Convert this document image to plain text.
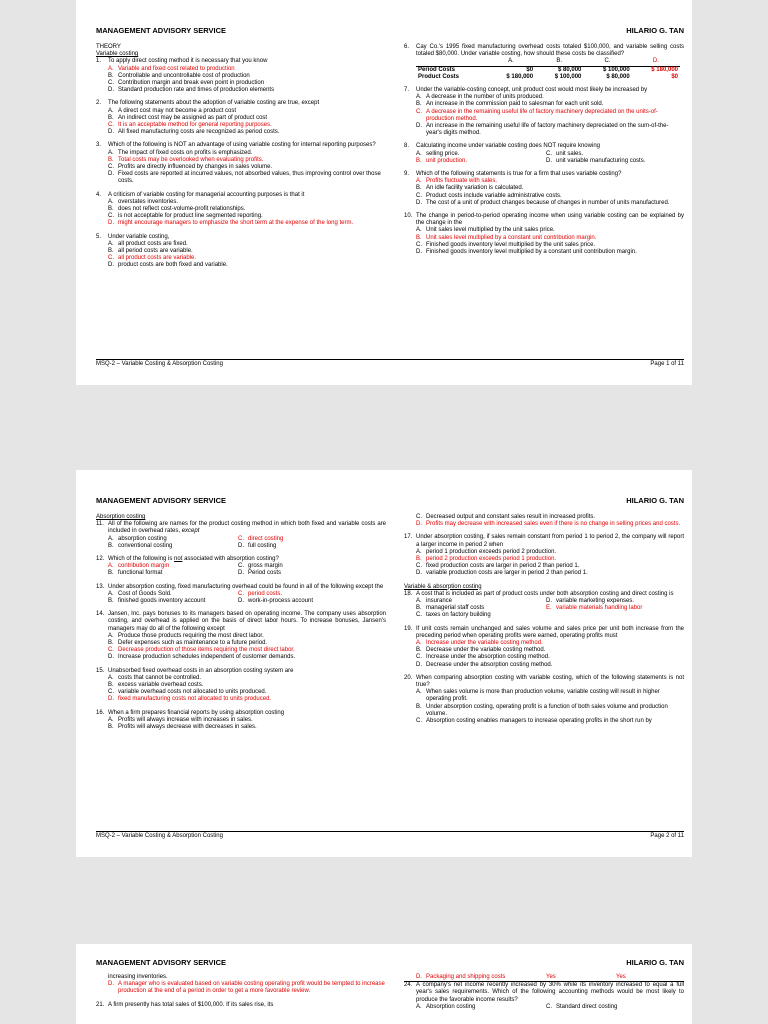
MANAGEMENT ADVISORY SERVICE	HILARIO G. TAN
THEORY
Variable costing
1.	To apply direct costing method it is necessary that you know
A. Variable and fixed cost related to production
B. Controllable and uncontrollable cost of production
C. Contribution margin and break even point in production
D. Standard production rate and times of production elements
2.	The following statements about the adoption of variable costing are true, except
A. A direct cost may not become a product cost
B. An indirect cost may be assigned as part of product cost
C. It is an acceptable method for general reporting purposes.
D. All fixed manufacturing costs are recognized as period costs.
3.	Which of the following is NOT an advantage of using variable costing for internal reporting purposes?
A. The impact of fixed costs on profits is emphasized.
B. Total costs may be overlooked when evaluating profits.
C. Profits are directly influenced by changes in sales volume.
D. Fixed costs are reported at incurred values, not absorbed values, thus improving control over those costs.
4.	A criticism of variable costing for managerial accounting purposes is that it
A. overstates inventories.
B. does not reflect cost-volume-profit relationships.
C. is not acceptable for product line segmented reporting.
D. might encourage managers to emphasize the short term at the expense of the long term.
5.	Under variable costing,
A. all product costs are fixed.
B. all period costs are variable.
C. all product costs are variable.
D. product costs are both fixed and variable.
6.	Cay Co.'s 1995 fixed manufacturing overhead costs totaled $100,000, and variable selling costs totaled $80,000. Under variable costing, how should these costs be classified?
	A.	B.	C.	D.
Period Costs	$0	$ 80,000	$ 100,000	$ 180,000
Product Costs	$ 180,000	$ 100,000	$ 80,000	$0
7.	Under the variable-costing concept, unit product cost would most likely be increased by
A. A decrease in the number of units produced.
B. An increase in the commission paid to salesman for each unit sold.
C. A decrease in the remaining useful life of factory machinery depreciated on the units-of-production method.
D. An increase in the remaining useful life of factory machinery depreciated on the sum-of-the-year's digits method.
8.	Calculating income under variable costing does NOT require knowing
A. selling price.	C. unit sales.
B. unit production.	D. unit variable manufacturing costs.
9.	Which of the following statements is true for a firm that uses variable costing?
A. Profits fluctuate with sales.
B. An idle facility variation is calculated.
C. Product costs include variable administrative costs.
D. The cost of a unit of product changes because of changes in number of units manufactured.
10. The change in period-to-period operating income when using variable costing can be explained by the change in the
A. Unit sales level multiplied by the unit sales price.
B. Unit sales level multiplied by a constant unit contribution margin.
C. Finished goods inventory level multiplied by the unit sales price.
D. Finished goods inventory level multiplied by a constant unit contribution margin.
MSQ-2 – Variable Costing & Absorption Costing	Page 1 of 11
MANAGEMENT ADVISORY SERVICE	HILARIO G. TAN
Absorption costing
11. All of the following are names for the product costing method in which both fixed and variable costs are included in overhead rates, except
A. absorption costing	C. direct costing
B. conventional costing	D. full costing
12. Which of the following is not associated with absorption costing?
A. contribution margin	C. gross margin
B. functional format	D. Period costs
13. Under absorption costing, fixed manufacturing overhead could be found in all of the following except the
A. Cost of Goods Sold.	C. period costs.
B. finished goods inventory account	D. work-in-process account
14. Jansen, Inc. pays bonuses to its managers based on operating income. The company uses absorption costing, and overhead is applied on the basis of direct labor hours. To increase bonuses, Jansen's managers may do all of the following except
A. Produce those products requiring the most direct labor.
B. Defer expenses such as maintenance to a future period.
C. Decrease production of those items requiring the most direct labor.
D. Increase production schedules independent of customer demands.
15. Unabsorbed fixed overhead costs in an absorption costing system are
A. costs that cannot be controlled.
B. excess variable overhead costs.
C. variable overhead costs not allocated to units produced.
D. fixed manufacturing costs not allocated to units produced.
16. When a firm prepares financial reports by using absorption costing
A. Profits will always increase with increases in sales.
B. Profits will always decrease with decreases in sales.
C. Decreased output and constant sales result in increased profits.
D. Profits may decrease with increased sales even if there is no change in selling prices and costs.
17. Under absorption costing, if sales remain constant from period 1 to period 2, the company will report a larger income in period 2 when
A. period 1 production exceeds period 2 production.
B. period 2 production exceeds period 1 production.
C. fixed production costs are larger in period 2 than period 1.
D. variable production costs are larger in period 2 than period 1.
Variable & absorption costing
18. A cost that is included as part of product costs under both absorption costing and direct costing is
A. insurance	D. variable marketing expenses.
B. managerial staff costs	E. variable materials handling labor
C. taxes on factory building
19. If unit costs remain unchanged and sales volume and sales price per unit both increase from the preceding period when operating profits were earned, operating profits must
A. Increase under the variable costing method.
B. Decrease under the variable costing method.
C. Increase under the absorption costing method.
D. Decrease under the absorption costing method.
20. When comparing absorption costing with variable costing, which of the following statements is not true?
A. When sales volume is more than production volume, variable costing will result in higher operating profit.
B. Under absorption costing, operating profit is a function of both sales volume and production volume.
C. Absorption costing enables managers to increase operating profits in the short run by
MSQ-2 – Variable Costing & Absorption Costing	Page 2 of 11
MANAGEMENT ADVISORY SERVICE	HILARIO G. TAN
increasing inventories.
D. A manager who is evaluated based on variable costing operating profit would be tempted to increase production at the end of a period in order to get a more favorable review.
21. A firm presently has total sales of $100,000. If its sales rise, its
D. Packaging and shipping costs	Yes	Yes
24. A company's net income recently increased by 30% while its inventory increased to equal a full year's sales requirements. Which of the following accounting methods would be most likely to produce the favorable income results?
A. Absorption costing	C. Standard direct costing
